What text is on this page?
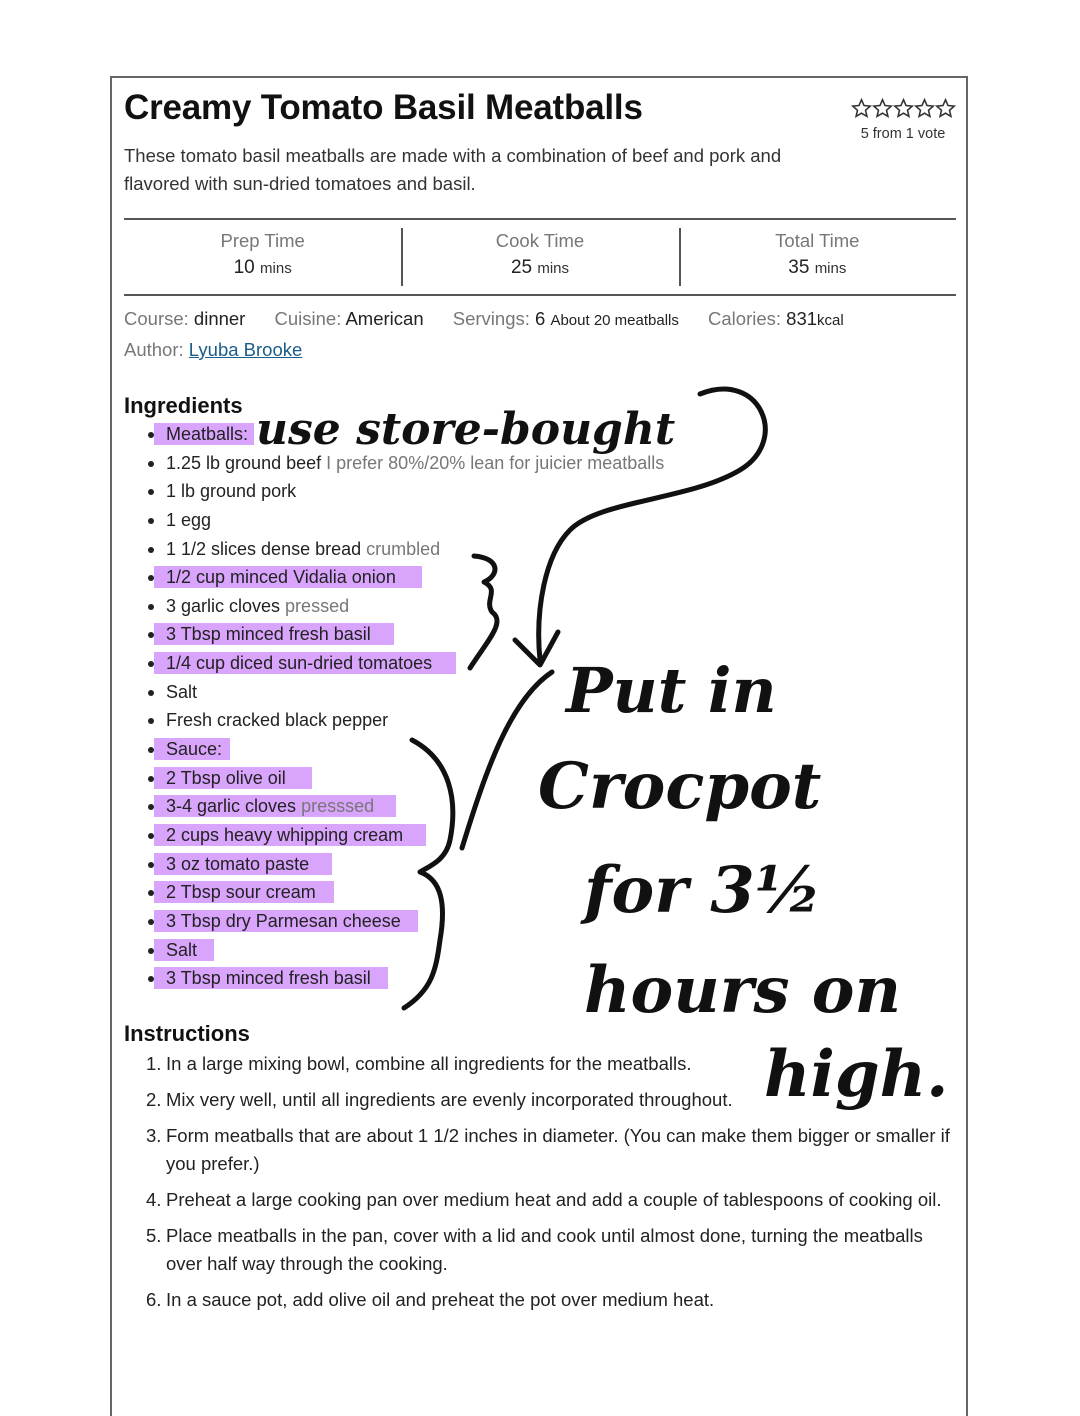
Creamy Tomato Basil Meatballs
5 from 1 vote
These tomato basil meatballs are made with a combination of beef and pork and flavored with sun-dried tomatoes and basil.
Prep Time
10 mins
Cook Time
25 mins
Total Time
35 mins
Course: dinner Cuisine: American Servings: 6 About 20 meatballs Calories: 831kcal
Author: Lyuba Brooke
Ingredients
Meatballs:
1.25 lb ground beef I prefer 80%/20% lean for juicier meatballs
1 lb ground pork
1 egg
1 1/2 slices dense bread crumbled
1/2 cup minced Vidalia onion
3 garlic cloves pressed
3 Tbsp minced fresh basil
1/4 cup diced sun-dried tomatoes
Salt
Fresh cracked black pepper
Sauce:
2 Tbsp olive oil
3-4 garlic cloves presssed
2 cups heavy whipping cream
3 oz tomato paste
2 Tbsp sour cream
3 Tbsp dry Parmesan cheese
Salt
3 Tbsp minced fresh basil
Instructions
1. In a large mixing bowl, combine all ingredients for the meatballs.
2. Mix very well, until all ingredients are evenly incorporated throughout.
3. Form meatballs that are about 1 1/2 inches in diameter. (You can make them bigger or smaller if you prefer.)
4. Preheat a large cooking pan over medium heat and add a couple of tablespoons of cooking oil.
5. Place meatballs in the pan, cover with a lid and cook until almost done, turning the meatballs over half way through the cooking.
6. In a sauce pot, add olive oil and preheat the pot over medium heat.
use store-bought
Put in
Crocpot
for 3½
hours on
high.
